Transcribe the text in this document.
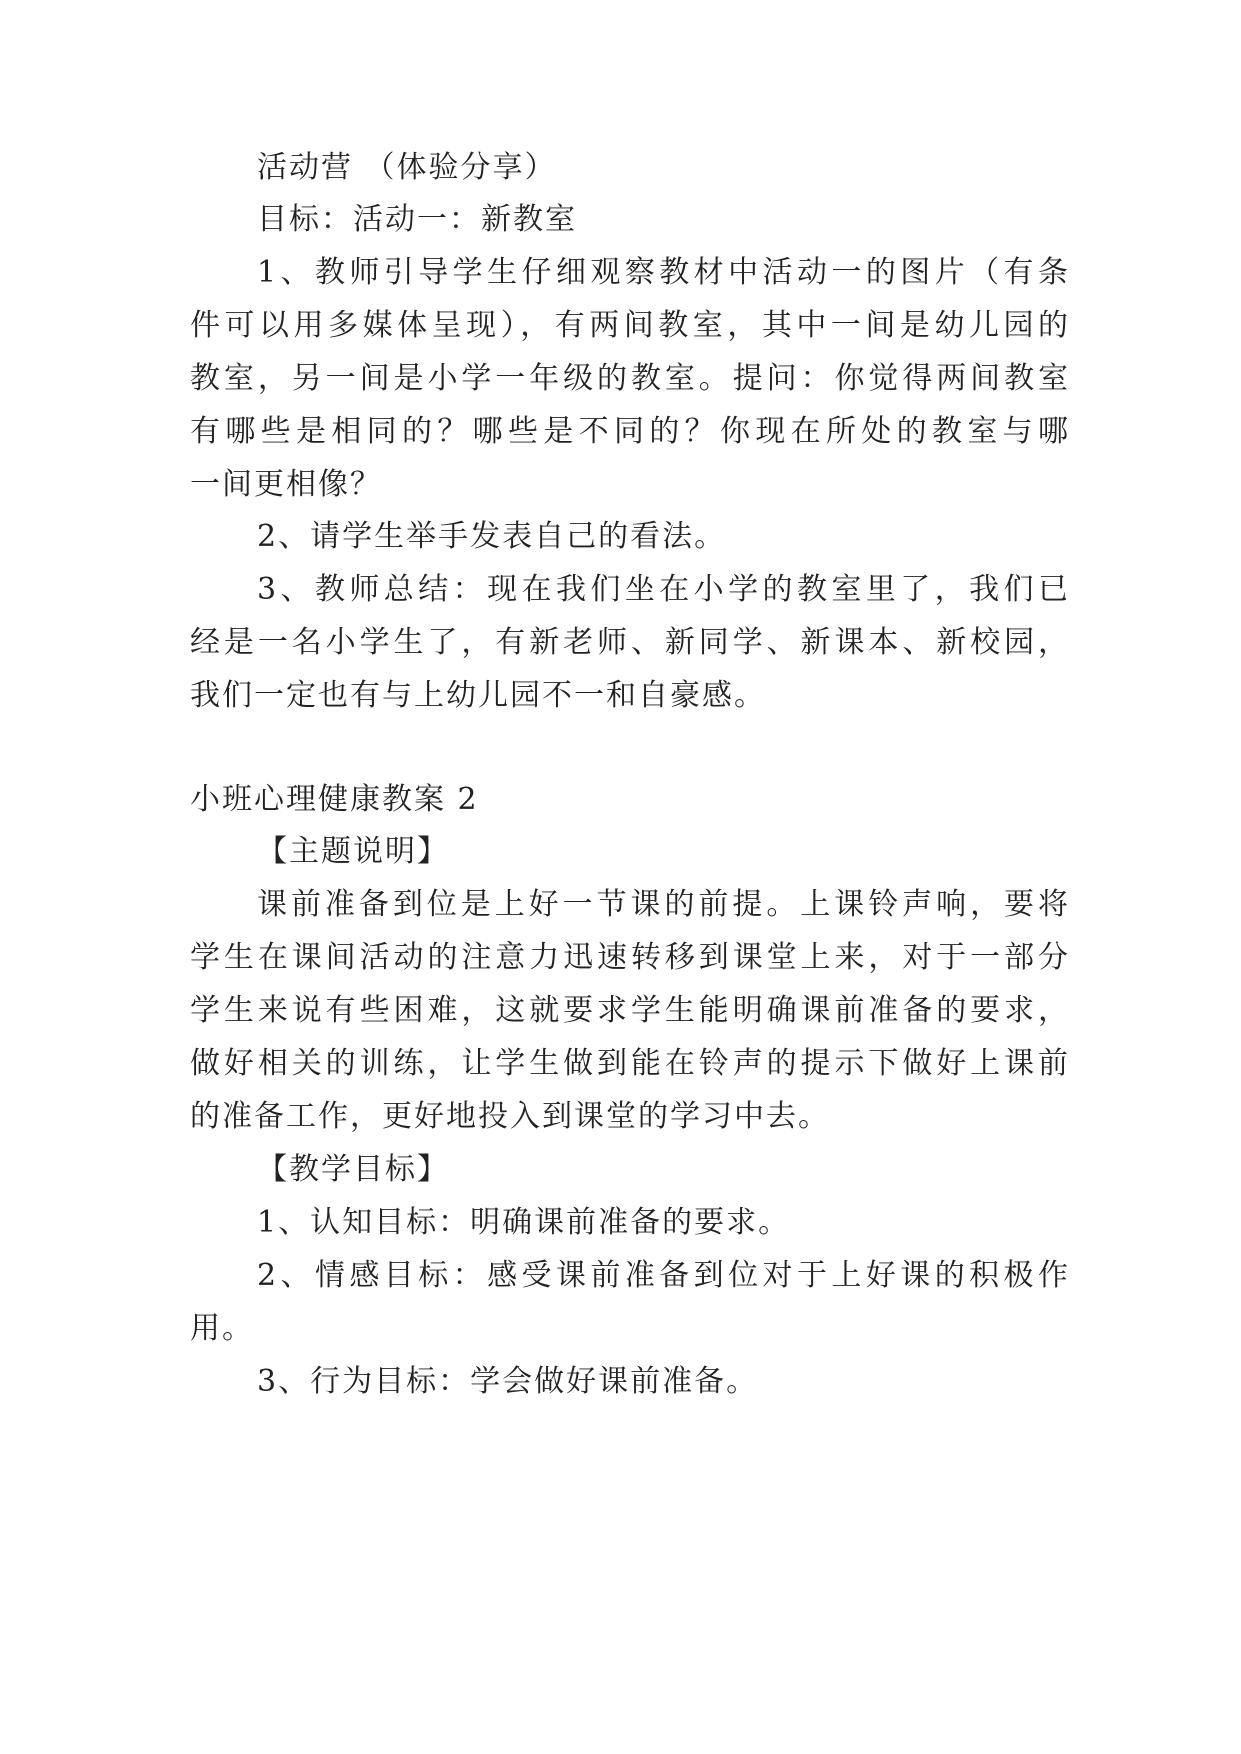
活动营 （体验分享）
目标：活动一：新教室
1、教师引导学生仔细观察教材中活动一的图片（有条
件可以用多媒体呈现），有两间教室，其中一间是幼儿园的
教室，另一间是小学一年级的教室。提问：你觉得两间教室
有哪些是相同的？哪些是不同的？你现在所处的教室与哪
一间更相像？
2、请学生举手发表自己的看法。
3、教师总结：现在我们坐在小学的教室里了，我们已
经是一名小学生了，有新老师、新同学、新课本、新校园，
我们一定也有与上幼儿园不一和自豪感。
小班心理健康教案 2
【主题说明】
课前准备到位是上好一节课的前提。上课铃声响，要将
学生在课间活动的注意力迅速转移到课堂上来，对于一部分
学生来说有些困难，这就要求学生能明确课前准备的要求，
做好相关的训练，让学生做到能在铃声的提示下做好上课前
的准备工作，更好地投入到课堂的学习中去。
【教学目标】
1、认知目标：明确课前准备的要求。
2、情感目标：感受课前准备到位对于上好课的积极作
用。
3、行为目标：学会做好课前准备。
